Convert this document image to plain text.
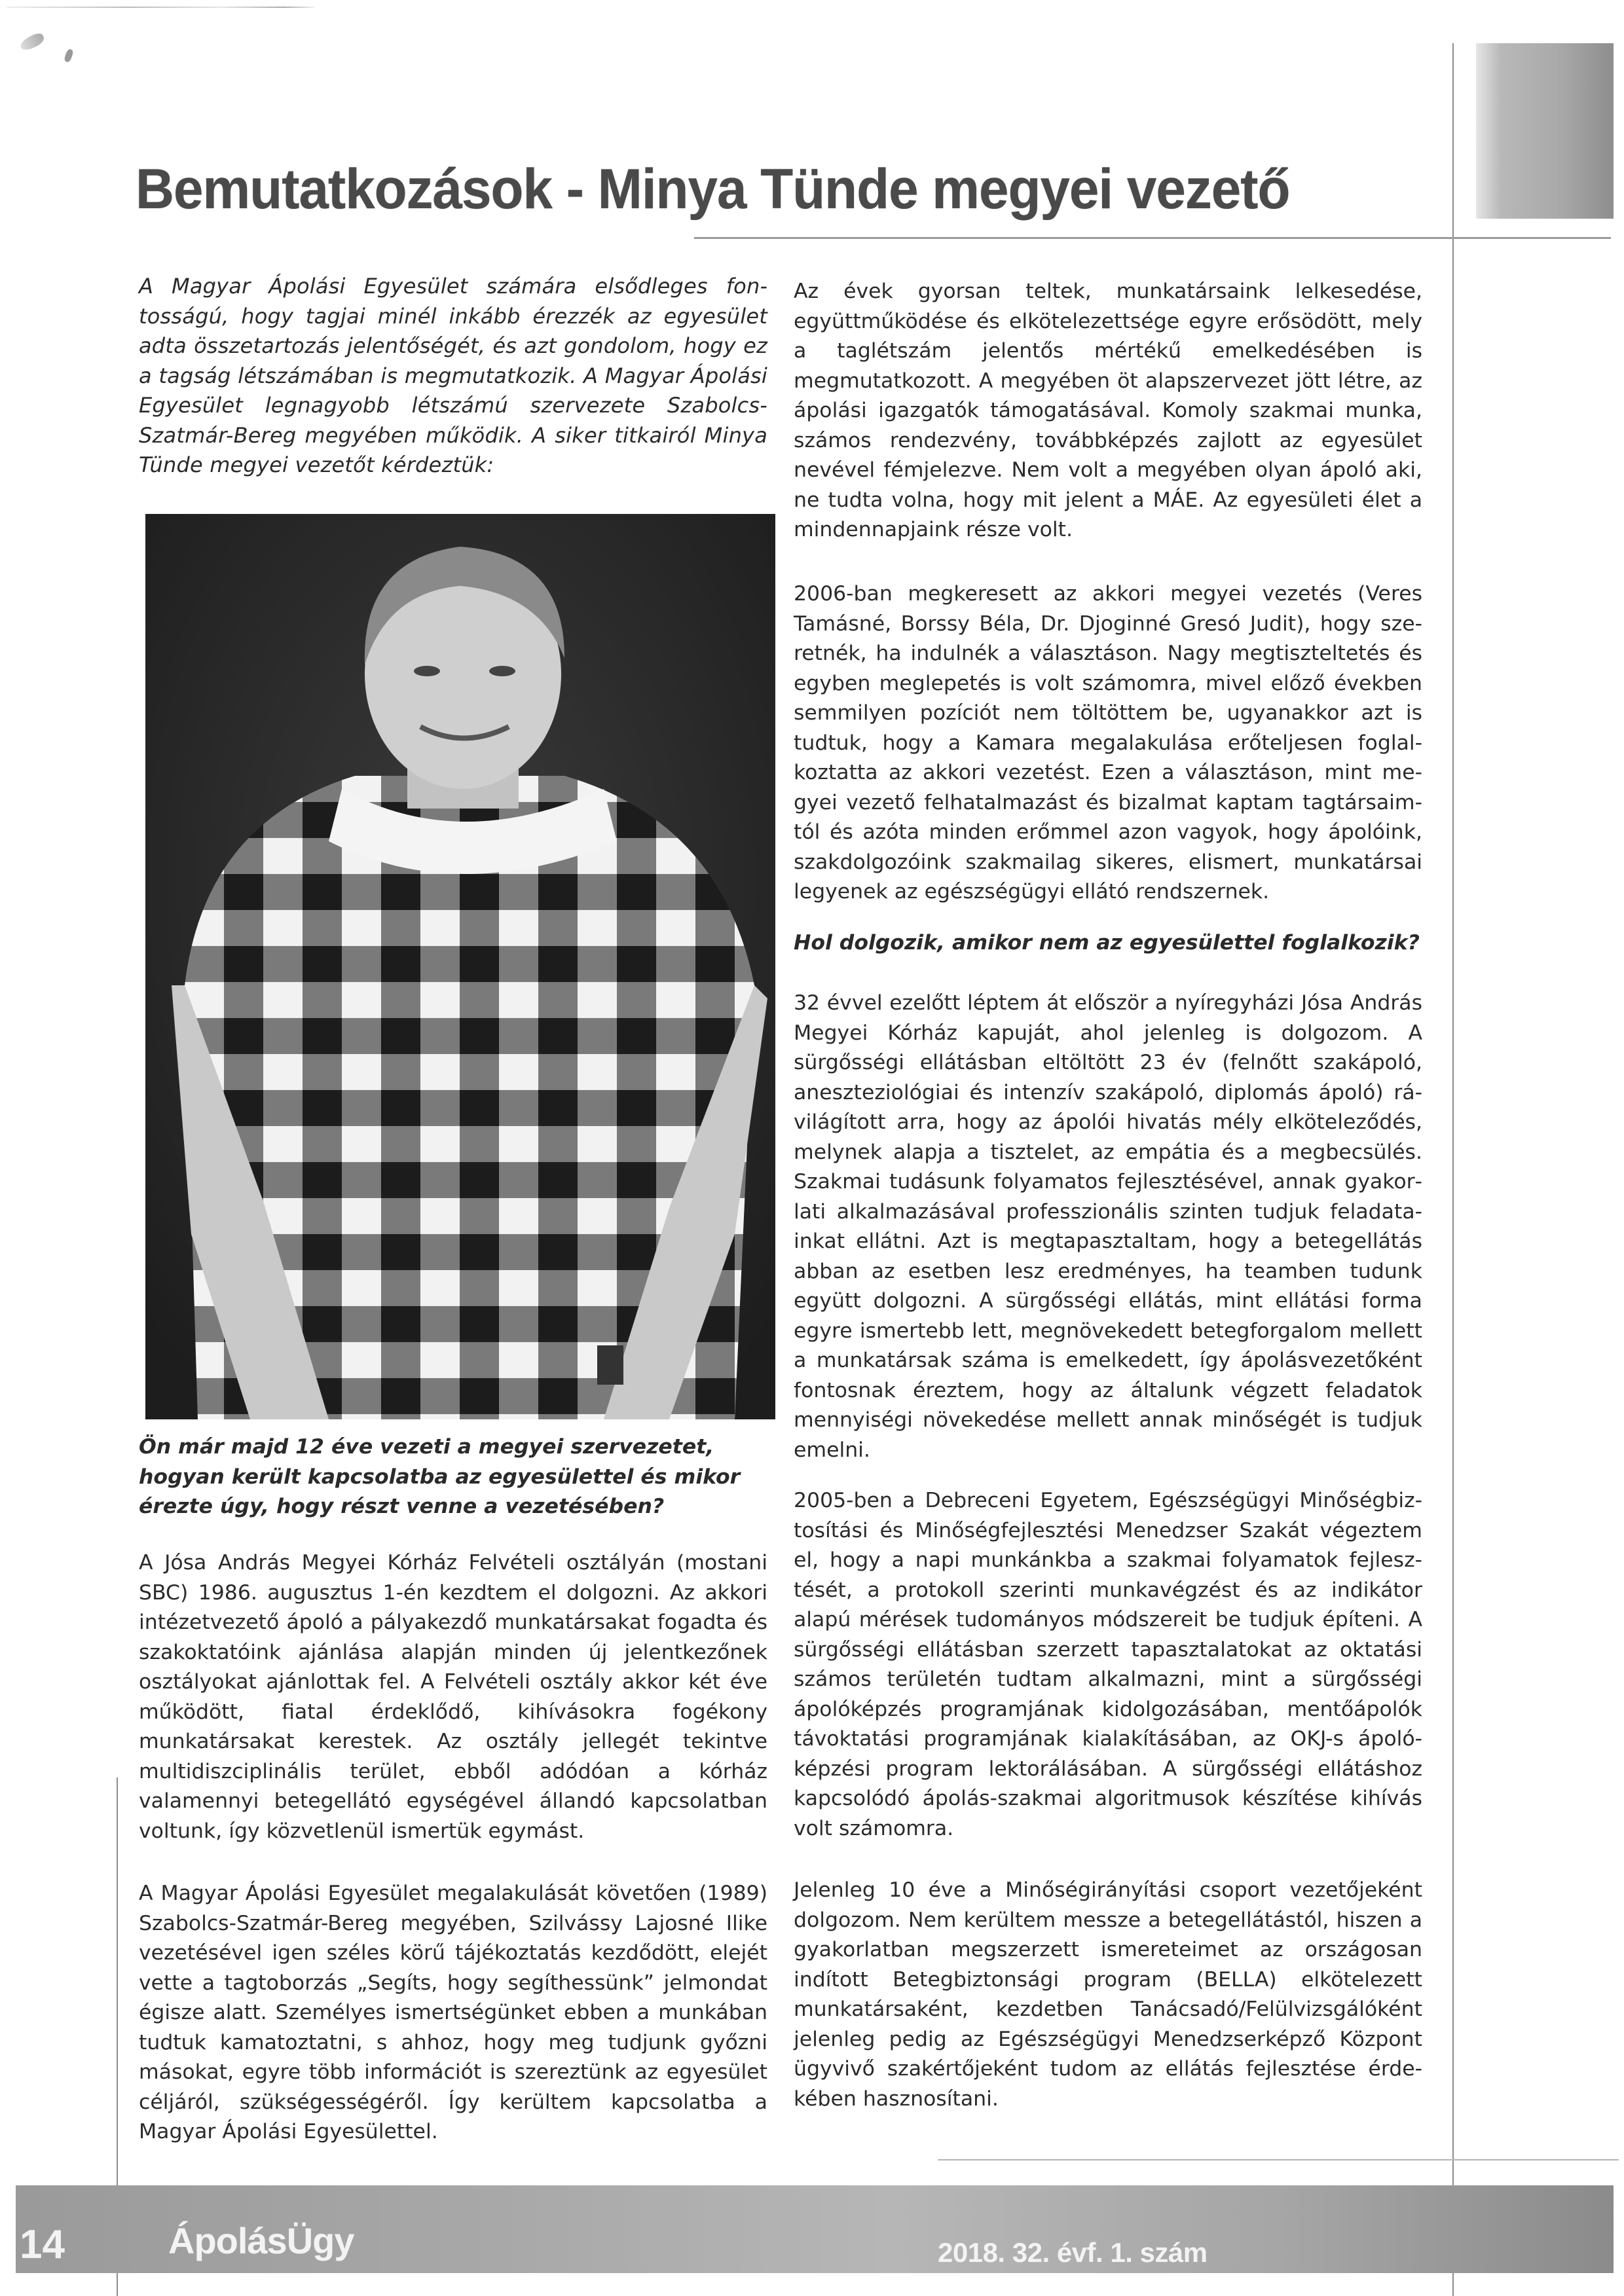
Bemutatkozások - Minya Tünde megyei vezető

A Magyar Ápolási Egyesület számára elsődleges fontosságú, hogy tagjai minél inkább érezzék az egyesület adta összetartozás jelentőségét, és azt gondolom, hogy ez a tagság létszámában is megmutatkozik. A Magyar Ápolási Egyesület legnagyobb létszámú szervezete Szabolcs-Szatmár-Bereg megyében működik. A siker titkairól Minya Tünde megyei vezetőt kérdeztük:

Ön már majd 12 éve vezeti a megyei szervezetet, hogyan került kapcsolatba az egyesülettel és mikor érezte úgy, hogy részt venne a vezetésében?

A Jósa András Megyei Kórház Felvételi osztályán (mostani SBC) 1986. augusztus 1-én kezdtem el dolgozni. Az akkori intézetvezető ápoló a pályakezdő munkatársakat fogadta és szakoktatóink ajánlása alapján minden új jelentkezőnek osztályokat ajánlottak fel. A Felvételi osztály akkor két éve működött, fiatal érdeklődő, kihívásokra fogékony munkatársakat kerestek. Az osztály jellegét tekintve multidiszciplinális terület, ebből adódóan a kórház valamennyi betegellátó egységével állandó kapcsolatban voltunk, így közvetlenül ismertük egymást.

A Magyar Ápolási Egyesület megalakulását követően (1989) Szabolcs-Szatmár-Bereg megyében, Szilvássy Lajosné Ilike vezetésével igen széles körű tájékoztatás kezdődött, elejét vette a tagtoborzás „Segíts, hogy segíthessünk” jelmondat égisze alatt. Személyes ismertségünket ebben a munkában tudtuk kamatoztatni, s ahhoz, hogy meg tudjunk győzni másokat, egyre több információt is szereztünk az egyesület céljáról, szükségességéről. Így kerültem kapcsolatba a Magyar Ápolási Egyesülettel.

Az évek gyorsan teltek, munkatársaink lelkesedése, együttműködése és elkötelezettsége egyre erősödött, mely a taglétszám jelentős mértékű emelkedésében is megmutatkozott. A megyében öt alapszervezet jött létre, az ápolási igazgatók támogatásával. Komoly szakmai munka, számos rendezvény, továbbképzés zajlott az egyesület nevével fémjelezve. Nem volt a megyében olyan ápoló aki, ne tudta volna, hogy mit jelent a MÁE. Az egyesületi élet a mindennapjaink része volt.

2006-ban megkeresett az akkori megyei vezetés (Veres Tamásné, Borssy Béla, Dr. Djoginné Gresó Judit), hogy szeretnék, ha indulnék a választáson. Nagy megtiszteltetés és egyben meglepetés is volt számomra, mivel előző években semmilyen pozíciót nem töltöttem be, ugyanakkor azt is tudtuk, hogy a Kamara megalakulása erőteljesen foglalkoztatta az akkori vezetést. Ezen a választáson, mint megyei vezető felhatalmazást és bizalmat kaptam tagtársaimtól és azóta minden erőmmel azon vagyok, hogy ápolóink, szakdolgozóink szakmailag sikeres, elismert, munkatársai legyenek az egészségügyi ellátó rendszernek.

Hol dolgozik, amikor nem az egyesülettel foglalkozik?

32 évvel ezelőtt léptem át először a nyíregyházi Jósa András Megyei Kórház kapuját, ahol jelenleg is dolgozom. A sürgősségi ellátásban eltöltött 23 év (felnőtt szakápoló, aneszteziológiai és intenzív szakápoló, diplomás ápoló) rávilágított arra, hogy az ápolói hivatás mély elköteleződés, melynek alapja a tisztelet, az empátia és a megbecsülés. Szakmai tudásunk folyamatos fejlesztésével, annak gyakorlati alkalmazásával professzionális szinten tudjuk feladatainkat ellátni. Azt is megtapasztaltam, hogy a betegellátás abban az esetben lesz eredményes, ha teamben tudunk együtt dolgozni. A sürgősségi ellátás, mint ellátási forma egyre ismertebb lett, megnövekedett betegforgalom mellett a munkatársak száma is emelkedett, így ápolásvezetőként fontosnak éreztem, hogy az általunk végzett feladatok mennyiségi növekedése mellett annak minőségét is tudjuk emelni.

2005-ben a Debreceni Egyetem, Egészségügyi Minőségbiztosítási és Minőségfejlesztési Menedzser Szakát végeztem el, hogy a napi munkánkba a szakmai folyamatok fejlesztését, a protokoll szerinti munkavégzést és az indikátor alapú mérések tudományos módszereit be tudjuk építeni. A sürgősségi ellátásban szerzett tapasztalatokat az oktatási számos területén tudtam alkalmazni, mint a sürgősségi ápolóképzés programjának kidolgozásában, mentőápolók távoktatási programjának kialakításában, az OKJ-s ápolóképzési program lektorálásában. A sürgősségi ellátáshoz kapcsolódó ápolás-szakmai algoritmusok készítése kihívás volt számomra.

Jelenleg 10 éve a Minőségirányítási csoport vezetőjeként dolgozom. Nem kerültem messze a betegellátástól, hiszen a gyakorlatban megszerzett ismereteimet az országosan indított Betegbiztonsági program (BELLA) elkötelezett munkatársaként, kezdetben Tanácsadó/Felülvizsgálóként jelenleg pedig az Egészségügyi Menedzserképző Központ ügyvivő szakértőjeként tudom az ellátás fejlesztése érdekében hasznosítani.

14	ÁpolásÜgy	2018. 32. évf. 1. szám
